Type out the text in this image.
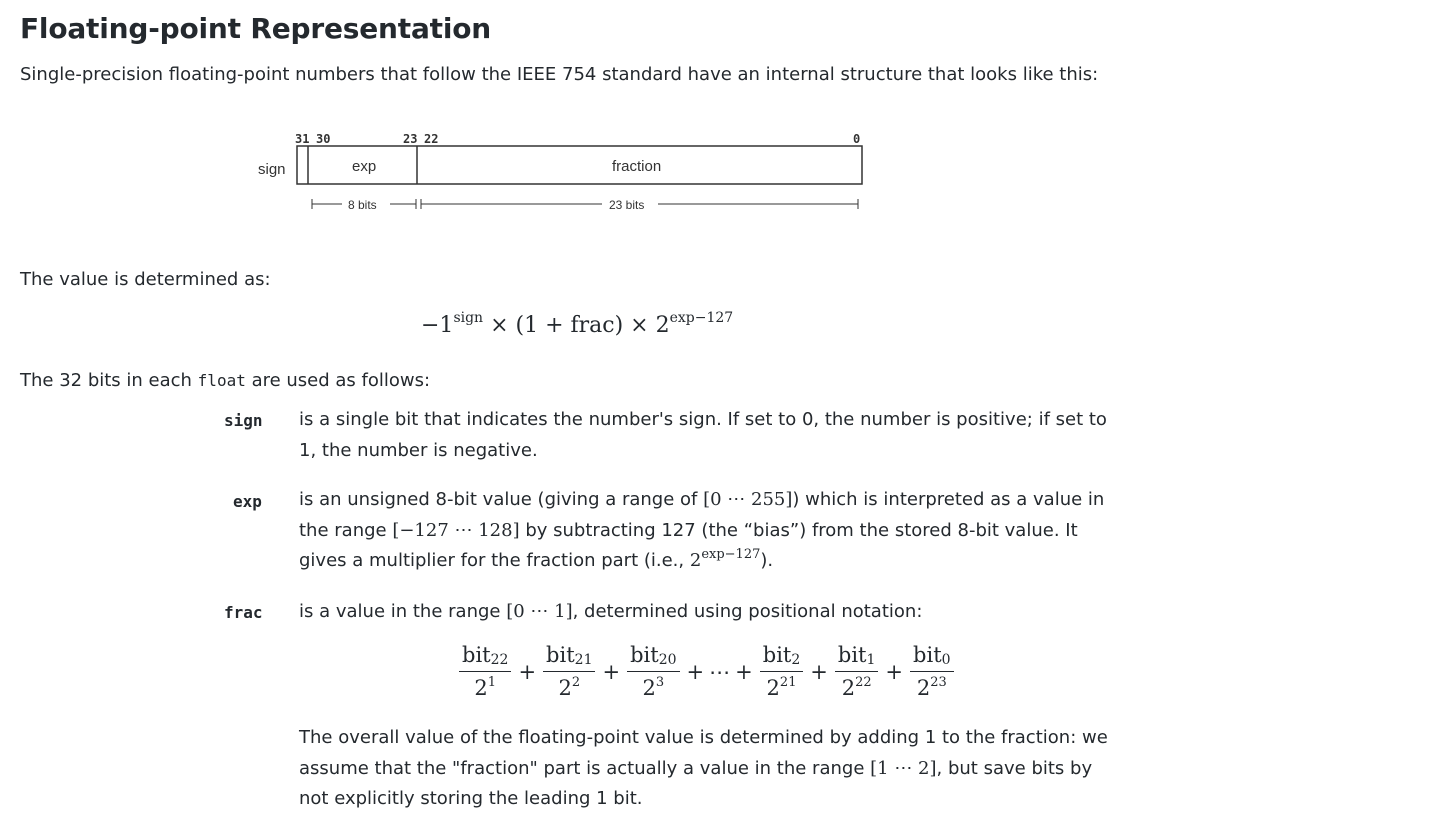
Floating-point Representation
Single-precision floating-point numbers that follow the IEEE 754 standard have an internal structure that looks like this:
sign
31 30	23 22	0
exp	fraction
8 bits	23 bits
The value is determined as:
$-1^{sign} \times (1$ + frac) × $2^{exp-127}$
The 32 bits in each float are used as follows:
sign is a single bit that indicates the number's sign. If set to 0, the number is positive; if set to 1, the number is negative.
exp is an unsigned 8-bit value (giving a range of [0 ⋯ 255]) which is interpreted as a value in the range [−127 ⋯ 128] by subtracting 127 (the “bias”) from the stored 8-bit value. It gives a multiplier for the fraction part (i.e., $2^{exp-127}$).
frac is a value in the range [0 ⋯ 1], determined using positional notation:
$\frac{bit_{22}}{2^1} + \frac{bit_{21}}{2^2} + \frac{bit_{20}}{2^3}$ + ⋯ + $\frac{bit_2}{2^{21}} + \frac{bit_1}{2^{22}} + \frac{bit_0}{2^{23}}$
The overall value of the floating-point value is determined by adding 1 to the fraction: we assume that the "fraction" part is actually a value in the range [1 ⋯ 2], but save bits by not explicitly storing the leading 1 bit.
